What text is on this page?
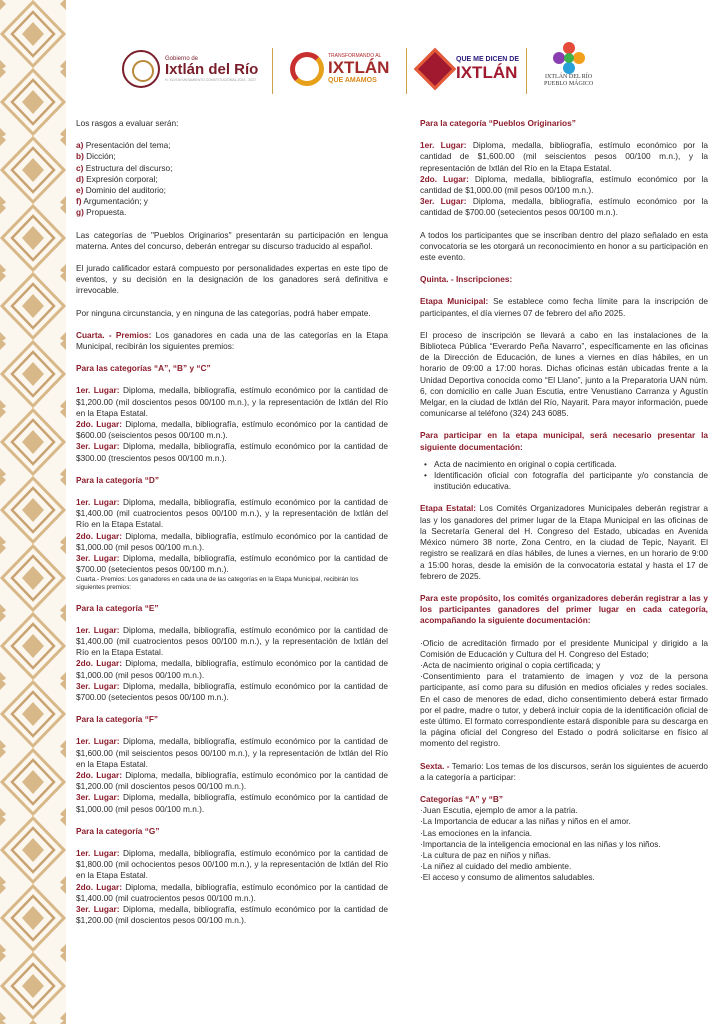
Gobierno de
Ixtlán del Río
H. XLVI AYUNTAMIENTO CONSTITUCIONAL 2024 - 2027
TRANSFORMANDO AL
IXTLÁN
QUE AMAMOS
QUE ME DICEN DE
IXTLÁN	IXTLÁN DEL RÍO
PUEBLO MÁGICO

Los rasgos a evaluar serán:

a) Presentación del tema;

b) Dicción;

c) Estructura del discurso;

d) Expresión corporal;

e) Dominio del auditorio;

f) Argumentación; y

g) Propuesta.

Las categorías de "Pueblos Originarios" presentarán su participación en lengua materna. Antes del concurso, deberán entregar su discurso traducido al español.

El jurado calificador estará compuesto por personalidades expertas en este tipo de eventos, y su decisión en la designación de los ganadores será definitiva e irrevocable.

Por ninguna circunstancia, y en ninguna de las categorías, podrá haber empate.

Cuarta. - Premios: Los ganadores en cada una de las categorías en la Etapa Municipal, recibirán los siguientes premios:

Para las categorías “A”, “B” y “C”

1er. Lugar: Diploma, medalla, bibliografía, estímulo económico por la cantidad de $1,200.00 (mil doscientos pesos 00/100 m.n.), y la representación de Ixtlán del Río en la Etapa Estatal.

2do. Lugar: Diploma, medalla, bibliografía, estímulo económico por la cantidad de $600.00 (seiscientos pesos 00/100 m.n.).

3er. Lugar: Diploma, medalla, bibliografía, estímulo económico por la cantidad de $300.00 (trescientos pesos 00/100 m.n.).

Para la categoría “D”

1er. Lugar: Diploma, medalla, bibliografía, estímulo económico por la cantidad de $1,400.00 (mil cuatrocientos pesos 00/100 m.n.), y la representación de Ixtlán del Río en la Etapa Estatal.

2do. Lugar: Diploma, medalla, bibliografía, estímulo económico por la cantidad de $1,000.00 (mil pesos 00/100 m.n.).

3er. Lugar: Diploma, medalla, bibliografía, estímulo económico por la cantidad de $700.00 (setecientos pesos 00/100 m.n.).

Cuarta.- Premios: Los ganadores en cada una de las categorías en la Etapa Municipal, recibirán los siguientes premios:

Para la categoría “E”

1er. Lugar: Diploma, medalla, bibliografía, estímulo económico por la cantidad de $1,400.00 (mil cuatrocientos pesos 00/100 m.n.), y la representación de Ixtlán del Río en la Etapa Estatal.

2do. Lugar: Diploma, medalla, bibliografía, estímulo económico por la cantidad de $1,000.00 (mil pesos 00/100 m.n.).

3er. Lugar: Diploma, medalla, bibliografía, estímulo económico por la cantidad de $700.00 (setecientos pesos 00/100 m.n.).

Para la categoría “F”

1er. Lugar: Diploma, medalla, bibliografía, estímulo económico por la cantidad de $1,600.00 (mil seiscientos pesos 00/100 m.n.), y la representación de Ixtlán del Río en la Etapa Estatal.

2do. Lugar: Diploma, medalla, bibliografía, estímulo económico por la cantidad de $1,200.00 (mil doscientos pesos 00/100 m.n.).

3er. Lugar: Diploma, medalla, bibliografía, estímulo económico por la cantidad de $1,000.00 (mil pesos 00/100 m.n.).

Para la categoría “G”

1er. Lugar: Diploma, medalla, bibliografía, estímulo económico por la cantidad de $1,800.00 (mil ochocientos pesos 00/100 m.n.), y la representación de Ixtlán del Río en la Etapa Estatal.

2do. Lugar: Diploma, medalla, bibliografía, estímulo económico por la cantidad de $1,400.00 (mil cuatrocientos pesos 00/100 m.n.).

3er. Lugar: Diploma, medalla, bibliografía, estímulo económico por la cantidad de $1,200.00 (mil doscientos pesos 00/100 m.n.).

Para la categoría “Pueblos Originarios”

1er. Lugar: Diploma, medalla, bibliografía, estímulo económico por la cantidad de $1,600.00 (mil seiscientos pesos 00/100 m.n.), y la representación de Ixtlán del Río en la Etapa Estatal.

2do. Lugar: Diploma, medalla, bibliografía, estímulo económico por la cantidad de $1,000.00 (mil pesos 00/100 m.n.).

3er. Lugar: Diploma, medalla, bibliografía, estímulo económico por la cantidad de $700.00 (setecientos pesos 00/100 m.n.).

A todos los participantes que se inscriban dentro del plazo señalado en esta convocatoria se les otorgará un reconocimiento en honor a su participación en este evento.

Quinta. - Inscripciones:

Etapa Municipal: Se establece como fecha límite para la inscripción de participantes, el día viernes 07 de febrero del año 2025.

El proceso de inscripción se llevará a cabo en las instalaciones de la Biblioteca Pública “Everardo Peña Navarro”, específicamente en las oficinas de la Dirección de Educación, de lunes a viernes en días hábiles, en un horario de 09:00 a 17:00 horas. Dichas oficinas están ubicadas frente a la Unidad Deportiva conocida como “El Llano”, junto a la Preparatoria UAN núm. 6, con domicilio en calle Juan Escutia, entre Venustiano Carranza y Agustín Melgar, en la ciudad de Ixtlán del Río, Nayarit. Para mayor información, puede comunicarse al teléfono (324) 243 6085.

Para participar en la etapa municipal, será necesario presentar la siguiente documentación:

• Acta de nacimiento en original o copia certificada.
• Identificación oficial con fotografía del participante y/o constancia de institución educativa.

Etapa Estatal: Los Comités Organizadores Municipales deberán registrar a las y los ganadores del primer lugar de la Etapa Municipal en las oficinas de la Secretaría General del H. Congreso del Estado, ubicadas en Avenida México número 38 norte, Zona Centro, en la ciudad de Tepic, Nayarit. El registro se realizará en días hábiles, de lunes a viernes, en un horario de 9:00 a 15:00 horas, desde la emisión de la convocatoria estatal y hasta el 17 de febrero de 2025.

Para este propósito, los comités organizadores deberán registrar a las y los participantes ganadores del primer lugar en cada categoría, acompañando la siguiente documentación:

·Oficio de acreditación firmado por el presidente Municipal y dirigido a la Comisión de Educación y Cultura del H. Congreso del Estado;

·Acta de nacimiento original o copia certificada; y

·Consentimiento para el tratamiento de imagen y voz de la persona participante, así como para su difusión en medios oficiales y redes sociales. En el caso de menores de edad, dicho consentimiento deberá estar firmado por el padre, madre o tutor, y deberá incluir copia de la identificación oficial de este último. El formato correspondiente estará disponible para su descarga en la página oficial del Congreso del Estado o podrá solicitarse en físico al momento del registro.

Sexta. - Temario: Los temas de los discursos, serán los siguientes de acuerdo a la categoría a participar:

Categorías “A” y “B”

·Juan Escutia, ejemplo de amor a la patria.

·La Importancia de educar a las niñas y niños en el amor.

·Las emociones en la infancia.

·Importancia de la inteligencia emocional en las niñas y los niños.

·La cultura de paz en niños y niñas.

·La niñez al cuidado del medio ambiente.

·El acceso y consumo de alimentos saludables.
